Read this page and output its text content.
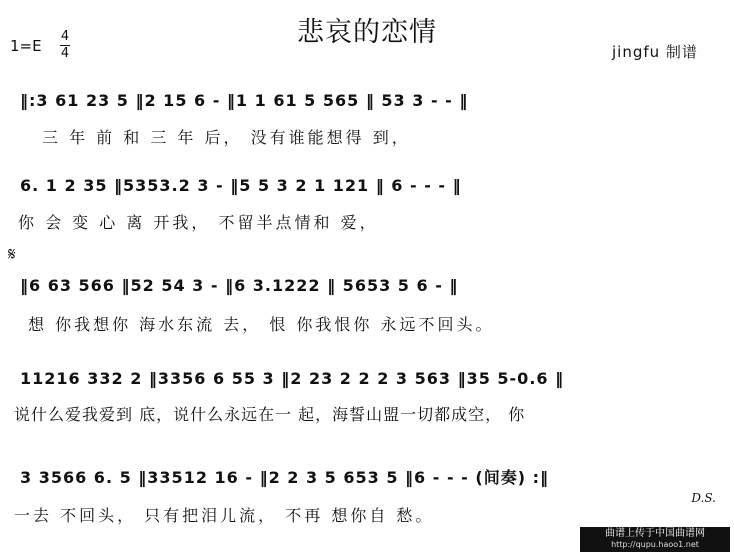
悲哀的恋情
1=E
4
4	jingfu 制谱
‖:3 61 23 5 ‖2 15 6 - ‖1 1 61 5 565 ‖ 53 3 - - ‖
三 年 前 和 三 年 后， 没有谁能想得 到，
6. 1 2 35 ‖5353.2 3 - ‖5 5 3 2 1 121 ‖ 6 - - - ‖
你 会 变 心 离 开我， 不留半点情和 爱，
𝄋
‖6 63 566 ‖52 54 3 - ‖6 3.1222 ‖ 5653 5 6 - ‖
想 你我想你 海水东流 去， 恨 你我恨你 永远不回头。
11216 332 2 ‖3356 6 55 3 ‖2 23 2 2 2 3 563 ‖35 5-0.6 ‖
说什么爱我爱到 底，说什么永远在一 起，海誓山盟一切都成空， 你
3 3566 6. 5 ‖33512 16 - ‖2 2 3 5 653 5 ‖6 - - - (间奏) :‖
一去 不回头， 只有把泪儿流， 不再 想你自 愁。
D.S.
曲谱上传于中国曲谱网
http://qupu.haoo1.net
